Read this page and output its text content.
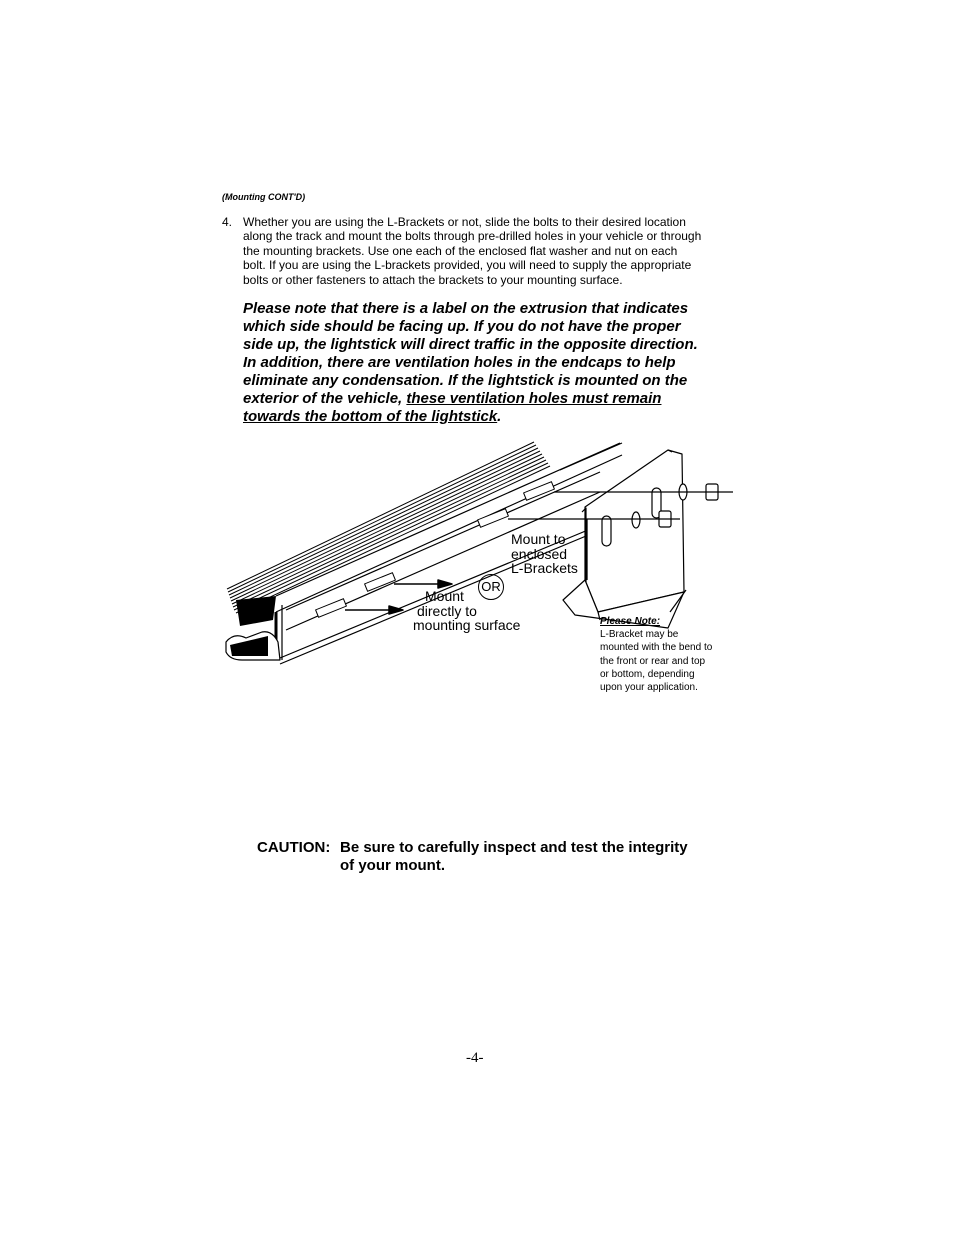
(Mounting CONT'D)
4. Whether you are using the L-Brackets or not, slide the bolts to their desired location
along the track and mount the bolts through pre-drilled holes in your vehicle or through
the mounting brackets. Use one each of the enclosed flat washer and nut on each
bolt. If you are using the L-brackets provided, you will need to supply the appropriate
bolts or other fasteners to attach the brackets to your mounting surface.
Please note that there is a label on the extrusion that indicates
which side should be facing up. If you do not have the proper
side up, the lightstick will direct traffic in the opposite direction.
In addition, there are ventilation holes in the endcaps to help
eliminate any condensation. If the lightstick is mounted on the
exterior of the vehicle, these ventilation holes must remain
towards the bottom of the lightstick.
Mount to
enclosed
L-Brackets
OR
Mount
directly to
mounting surface	Please Note:
L-Bracket may be
mounted with the bend to
the front or rear and top
or bottom, depending
upon your application.
CAUTION: Be sure to carefully inspect and test the integrity
of your mount.
-4-
